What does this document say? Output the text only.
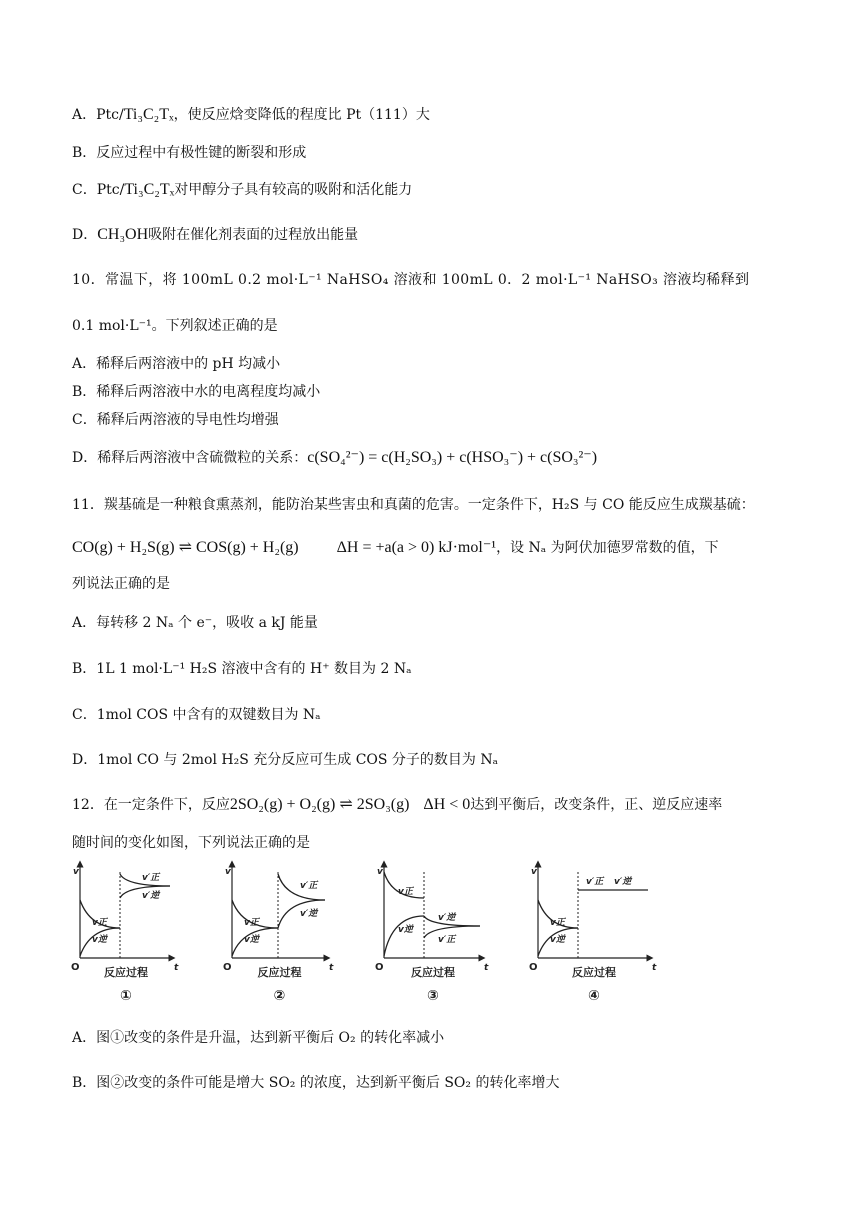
A．Ptc/Ti₃C₂Tₓ，使反应焓变降低的程度比 Pt（111）大
B．反应过程中有极性键的断裂和形成
C．Ptc/Ti₃C₂Tₓ对甲醇分子具有较高的吸附和活化能力
D．CH₃OH吸附在催化剂表面的过程放出能量
10．常温下，将 100mL 0.2 mol·L⁻¹ NaHSO₄ 溶液和 100mL 0．2 mol·L⁻¹ NaHSO₃ 溶液均稀释到
0.1 mol·L⁻¹。下列叙述正确的是
A．稀释后两溶液中的 pH 均减小
B．稀释后两溶液中水的电离程度均减小
C．稀释后两溶液的导电性均增强
D．稀释后两溶液中含硫微粒的关系：c(SO₄²⁻) = c(H₂SO₃) + c(HSO₃⁻) + c(SO₃²⁻)
11．羰基硫是一种粮食熏蒸剂，能防治某些害虫和真菌的危害。一定条件下，H₂S 与 CO 能反应生成羰基硫：
CO(g) + H₂S(g) ⇌ COS(g) + H₂(g) ΔH = +a(a > 0) kJ·mol⁻¹，设 Nₐ 为阿伏加德罗常数的值，下
列说法正确的是
A．每转移 2 Nₐ 个 e⁻，吸收 a kJ 能量
B．1L 1 mol·L⁻¹ H₂S 溶液中含有的 H⁺ 数目为 2 Nₐ
C．1mol COS 中含有的双键数目为 Nₐ
D．1mol CO 与 2mol H₂S 充分反应可生成 COS 分子的数目为 Nₐ
12．在一定条件下，反应2SO₂(g) + O₂(g) ⇌ 2SO₃(g) ΔH < 0达到平衡后，改变条件，正、逆反应速率
随时间的变化如图，下列说法正确的是
v
t
O 反应过程
①
v正
v逆
v′正
v′逆
v
t
O 反应过程
②
v正
v逆
v′正
v′逆
v
t
O 反应过程
③
v正
v逆
v′逆
v′正
v
t
O	反应过程
④
v正
v逆
v′正 v′逆
A．图①改变的条件是升温，达到新平衡后 O₂ 的转化率减小
B．图②改变的条件可能是增大 SO₂ 的浓度，达到新平衡后 SO₂ 的转化率增大
